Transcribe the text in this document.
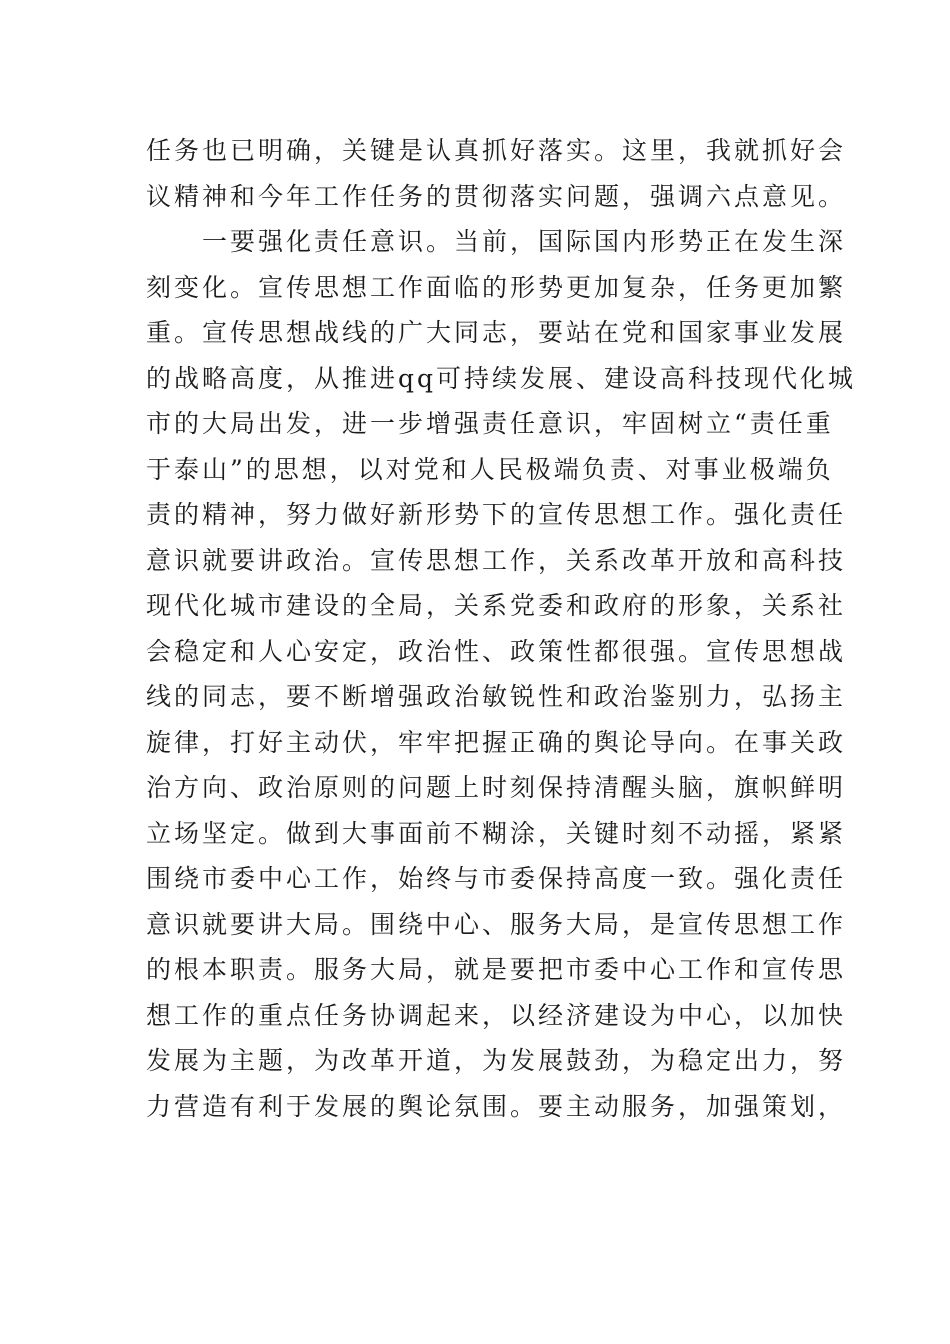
任务也已明确，关键是认真抓好落实。这里，我就抓好会
议精神和今年工作任务的贯彻落实问题，强调六点意见。
一要强化责任意识。当前，国际国内形势正在发生深
刻变化。宣传思想工作面临的形势更加复杂，任务更加繁
重。宣传思想战线的广大同志，要站在党和国家事业发展
的战略高度，从推进qq可持续发展、建设高科技现代化城
市的大局出发，进一步增强责任意识，牢固树立“责任重
于泰山”的思想，以对党和人民极端负责、对事业极端负
责的精神，努力做好新形势下的宣传思想工作。强化责任
意识就要讲政治。宣传思想工作，关系改革开放和高科技
现代化城市建设的全局，关系党委和政府的形象，关系社
会稳定和人心安定，政治性、政策性都很强。宣传思想战
线的同志，要不断增强政治敏锐性和政治鉴别力，弘扬主
旋律，打好主动伏，牢牢把握正确的舆论导向。在事关政
治方向、政治原则的问题上时刻保持清醒头脑，旗帜鲜明
立场坚定。做到大事面前不糊涂，关键时刻不动摇，紧紧
围绕市委中心工作，始终与市委保持高度一致。强化责任
意识就要讲大局。围绕中心、服务大局，是宣传思想工作
的根本职责。服务大局，就是要把市委中心工作和宣传思
想工作的重点任务协调起来，以经济建设为中心，以加快
发展为主题，为改革开道，为发展鼓劲，为稳定出力，努
力营造有利于发展的舆论氛围。要主动服务，加强策划，
